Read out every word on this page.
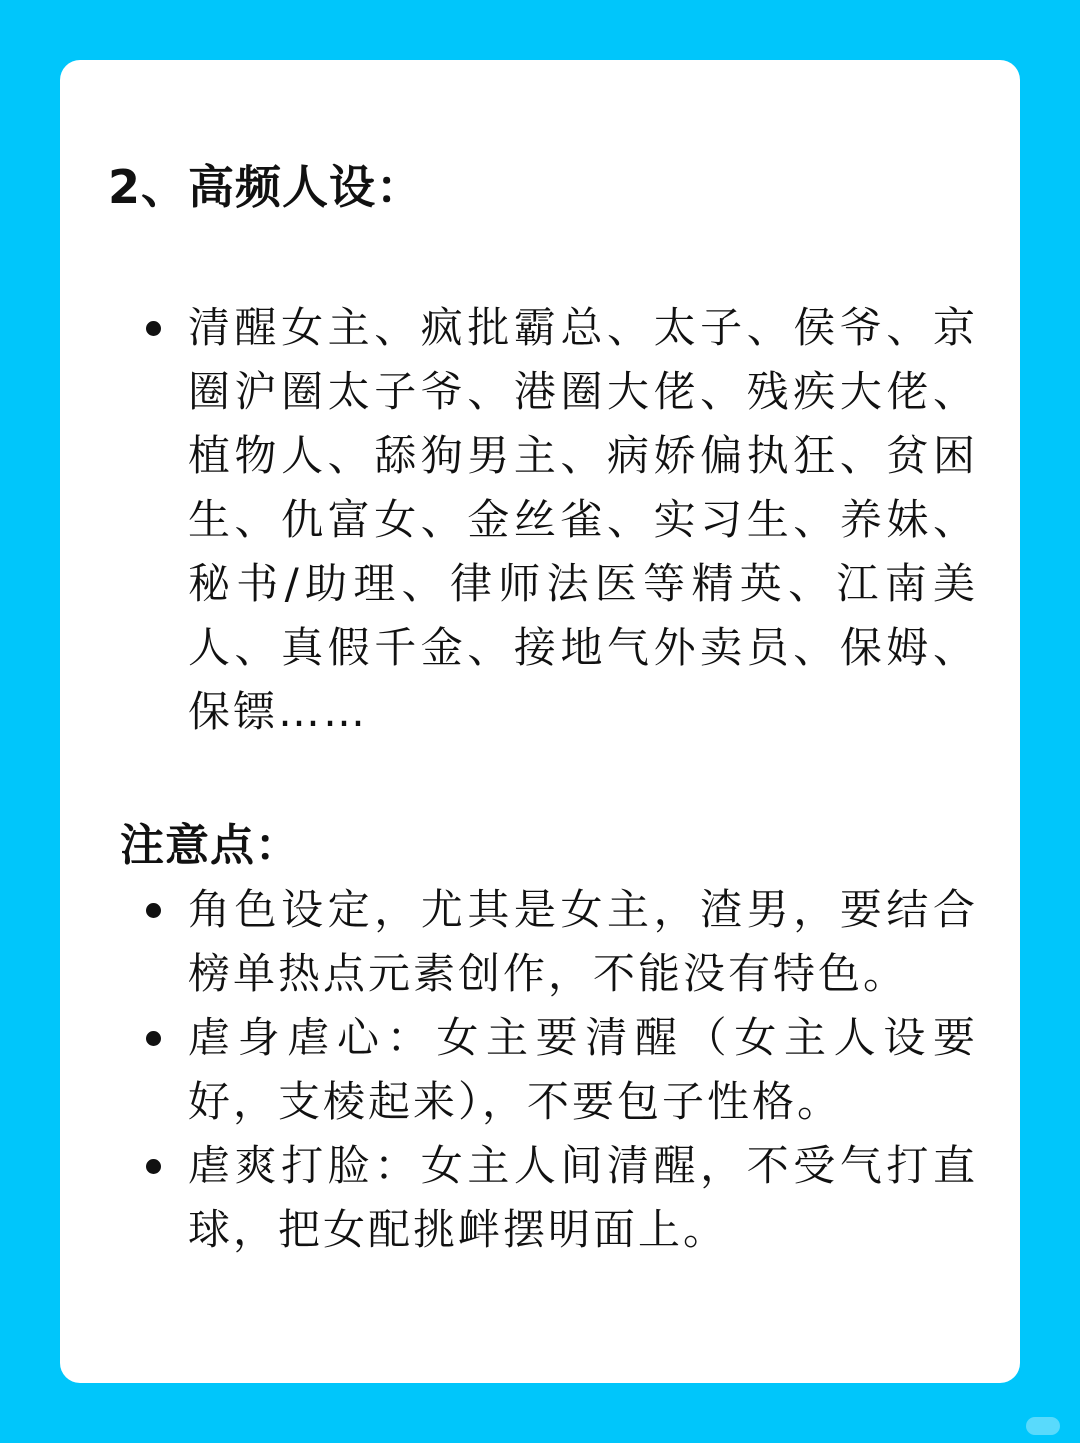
2、高频人设：
清醒女主、疯批霸总、太子、侯爷、京圈沪圈太子爷、港圈大佬、残疾大佬、植物人、舔狗男主、病娇偏执狂、贫困生、仇富女、金丝雀、实习生、养妹、秘书/助理、律师法医等精英、江南美人、真假千金、接地气外卖员、保姆、保镖……
注意点：
角色设定，尤其是女主，渣男，要结合榜单热点元素创作，不能没有特色。
虐身虐心：女主要清醒（女主人设要好，支棱起来），不要包子性格。
虐爽打脸：女主人间清醒，不受气打直球，把女配挑衅摆明面上。
